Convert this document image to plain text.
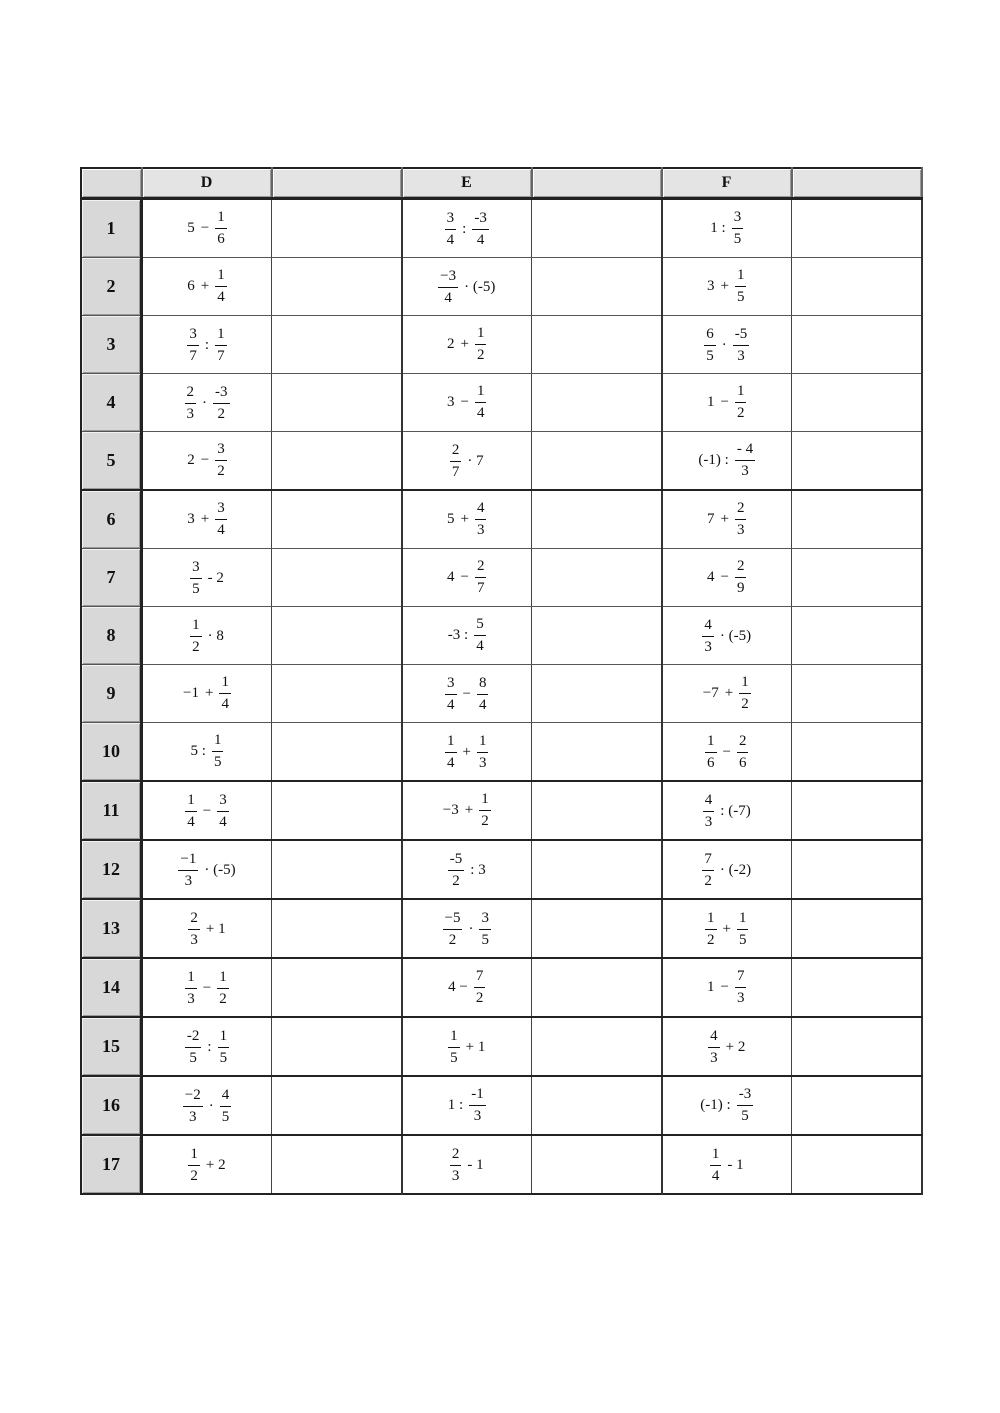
	D		E		F	
1	$5 - \frac{1}{6}$		$\frac{3}{4}$ : $\frac{-3}{4}$		1 : $\frac{3}{5}$

2	$6 + \frac{1}{4}$		$\frac{-3}{4} \cdot (-5)$		$3 + \frac{1}{5}$

3	$\frac{3}{7}$ : $\frac{1}{7}$		$2 + \frac{1}{2}$		$\frac{6}{5} \cdot \frac{-5}{3}$

4	$\frac{2}{3} \cdot \frac{-3}{2}$		$3 - \frac{1}{4}$		$1 - \frac{1}{2}$

5	$2 - \frac{3}{2}$		$\frac{2}{7} \cdot 7$		(-1) : $\frac{- 4}{3}$

6	$3 + \frac{3}{4}$		$5 + \frac{4}{3}$		$7 + \frac{2}{3}$

7	$\frac{3}{5} - 2$		$4 - \frac{2}{7}$		$4 - \frac{2}{9}$

8	$\frac{1}{2} \cdot 8$		-3 : $\frac{5}{4}$		$\frac{4}{3} \cdot (-5)$	

9	$-1 + \frac{1}{4}$		$\frac{3}{4} - \frac{8}{4}$		$-7 + \frac{1}{2}$

10	5 : $\frac{1}{5}$		$\frac{1}{4} + \frac{1}{3}$		$\frac{1}{6} - \frac{2}{6}$

11	$\frac{1}{4} - \frac{3}{4}$		$-3 + \frac{1}{2}$		$\frac{4}{3}$ : (-7)	

12	$\frac{-1}{3} \cdot (-5)$		$\frac{-5}{2}$ : 3		$\frac{7}{2} \cdot (-2)$	

13	$\frac{2}{3} + 1$		$\frac{-5}{2} \cdot \frac{3}{5}$		$\frac{1}{2} + \frac{1}{5}$

14	$\frac{1}{3} - \frac{1}{2}$		$4 - \frac{7}{2}$		$1 - \frac{7}{3}$

15	$\frac{-2}{5}$ : $\frac{1}{5}$		$\frac{1}{5} + 1$		$\frac{4}{3} + 2$	

16	$\frac{-2}{3} \cdot \frac{4}{5}$		1 : $\frac{-1}{3}$		(-1) : $\frac{-3}{5}$

17	$\frac{1}{2} + 2$		$\frac{2}{3} - 1$		$\frac{1}{4} - 1$	
